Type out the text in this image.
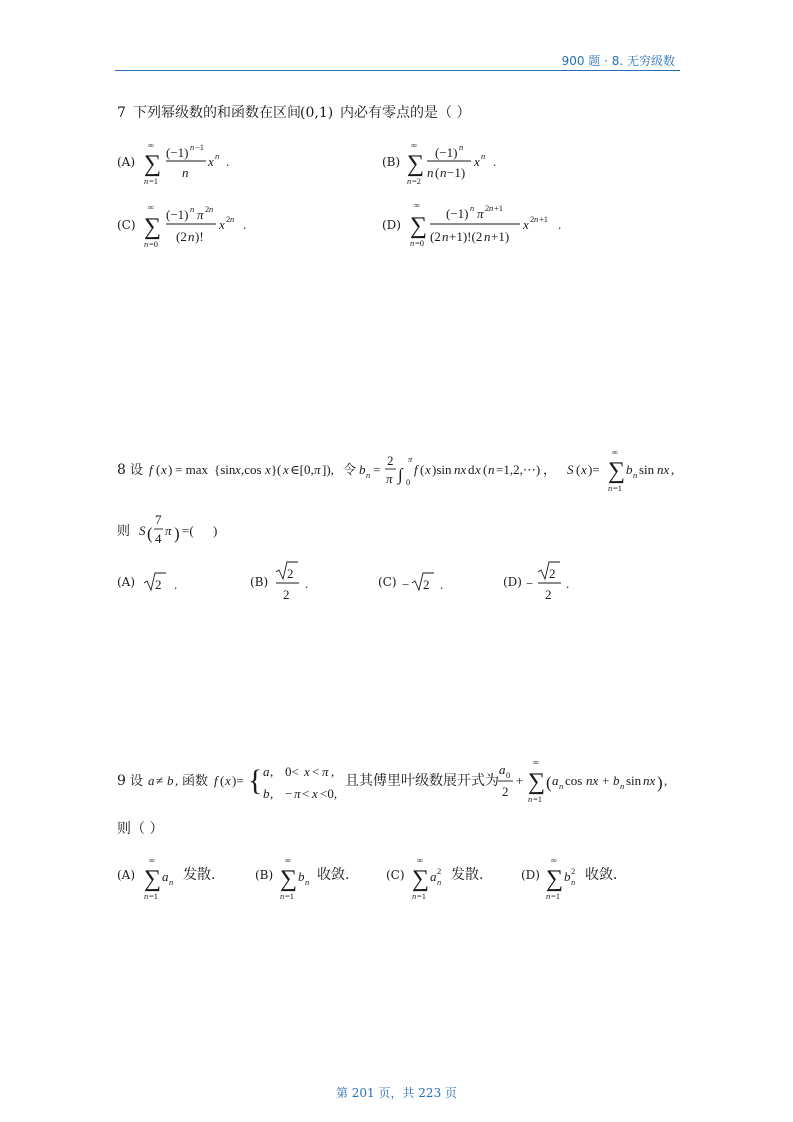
900 题 · 8. 无穷级数
7 下列幂级数的和函数在区间 (0,1) 内必有零点的是（ ）
(A)
∞
∑
n =1
(−1) n −1
n
x n .	(B)
∞
∑
n =2
(−1) n
n ( n −1)
x n .
(C)
∞
∑
n =0
(−1) n π 2 n
(2 n )!
x 2 n .	(D)
∞
∑
n =0
(−1) n π 2 n +1
(2 n +1)!(2 n +1)
x 2 n +1 .
8 设 f ( x ) = max {sin x ,cos x } ( x ∈[0, π ]), 令 b n =
2
π ∫
π
0
f ( x )sin nx d x ( n =1,2,⋯) ， S ( x )=
∞
∑
n =1
b n sin nx ,
则 S (
7
4
π ) =( )
(A) 2 .	(B)
2
2
.	(C) − 2 .	(D) −
2
2
.
9 设 a ≠ b , 函数 f ( x )= { a , 0< x < π ,
b , − π < x <0,
且其傅里叶级数展开式为
a 0
2
+
∞
∑
n =1
( a n cos nx + b n sin nx ) ,
则（ ）
(A)
∞
∑
n =1
a n 发散.	(B)
∞
∑
n =1
b n 收敛.	(C)
∞
∑
n =1
a 2
n 发散.	(D)
∞
∑
n =1
b 2
n 收敛.
第 201 页，共 223 页
